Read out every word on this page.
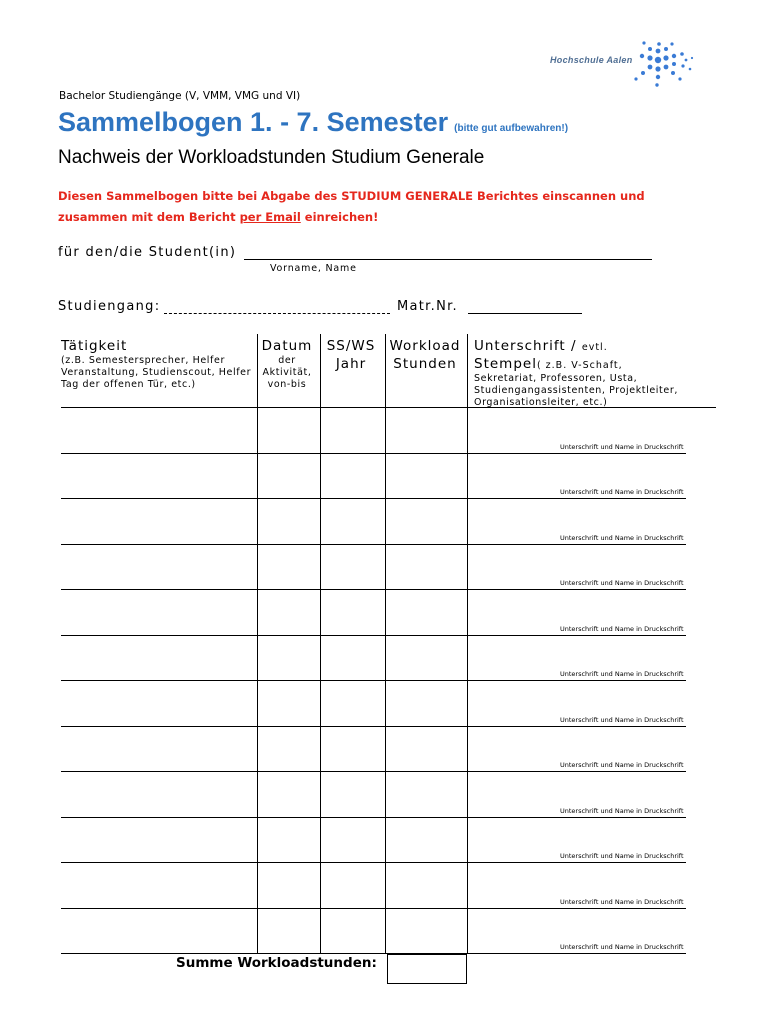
Hochschule Aalen
Bachelor Studiengänge (V, VMM, VMG und VI)
Sammelbogen 1. - 7. Semester (bitte gut aufbewahren!)
Nachweis der Workloadstunden Studium Generale
Diesen Sammelbogen bitte bei Abgabe des STUDIUM GENERALE Berichtes einscannen und zusammen mit dem Bericht per Email einreichen!
für den/die Student(in)
Vorname, Name
Studiengang:	Matr.Nr.
Tätigkeit
(z.B. Semestersprecher, Helfer Veranstaltung, Studienscout, Helfer Tag der offenen Tür, etc.)
Datum
der Aktivität, von-bis
SS/WS
Jahr
Workload
Stunden
Unterschrift / evtl.
Stempel( z.B. V-Schaft,
Sekretariat, Professoren, Usta, Studiengangassistenten, Projektleiter, Organisationsleiter, etc.)
Unterschrift und Name in Druckschrift
Unterschrift und Name in Druckschrift
Unterschrift und Name in Druckschrift
Unterschrift und Name in Druckschrift
Unterschrift und Name in Druckschrift
Unterschrift und Name in Druckschrift
Unterschrift und Name in Druckschrift
Unterschrift und Name in Druckschrift
Unterschrift und Name in Druckschrift
Unterschrift und Name in Druckschrift
Unterschrift und Name in Druckschrift
Unterschrift und Name in Druckschrift
Summe Workloadstunden:
